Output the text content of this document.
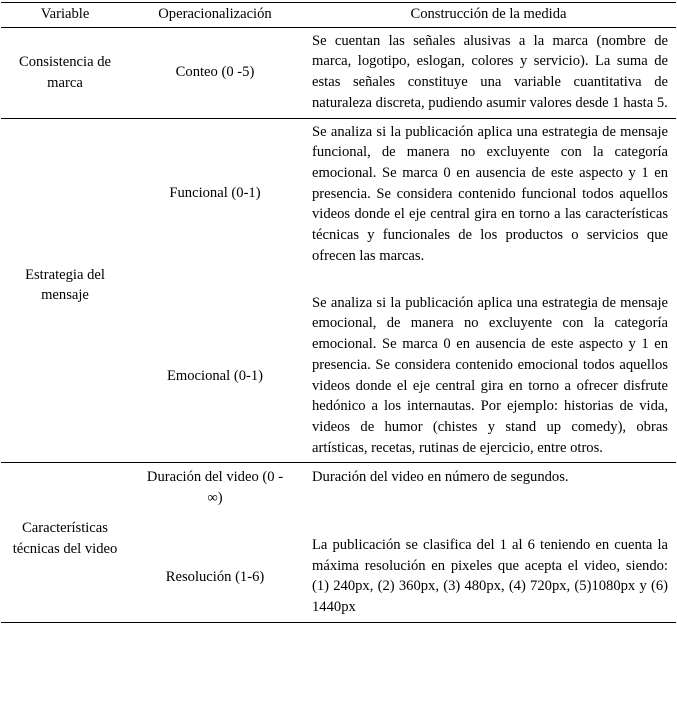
Variable	Operacionalización	Construcción de la medida
Consistencia de marca	Conteo (0 -5)	Se cuentan las señales alusivas a la marca (nombre de marca, logotipo, eslogan, colores y servicio). La suma de estas señales constituye una variable cuantitativa de naturaleza discreta, pudiendo asumir valores desde 1 hasta 5.
Estrategia del mensaje	Funcional (0-1)	Se analiza si la publicación aplica una estrategia de mensaje funcional, de manera no excluyente con la categoría emocional. Se marca 0 en ausencia de este aspecto y 1 en presencia. Se considera contenido funcional todos aquellos videos donde el eje central gira en torno a las características técnicas y funcionales de los productos o servicios que ofrecen las marcas.
	Emocional (0-1)	Se analiza si la publicación aplica una estrategia de mensaje emocional, de manera no excluyente con la categoría emocional. Se marca 0 en ausencia de este aspecto y 1 en presencia. Se considera contenido emocional todos aquellos videos donde el eje central gira en torno a ofrecer disfrute hedónico a los internautas. Por ejemplo: historias de vida, videos de humor (chistes y stand up comedy), obras artísticas, recetas, rutinas de ejercicio, entre otros.
Características técnicas del video	Duración del video (0 - ∞)	Duración del video en número de segundos.
	Resolución (1-6)	La publicación se clasifica del 1 al 6 teniendo en cuenta la máxima resolución en pixeles que acepta el video, siendo: (1) 240px, (2) 360px, (3) 480px, (4) 720px, (5)1080px y (6) 1440px
